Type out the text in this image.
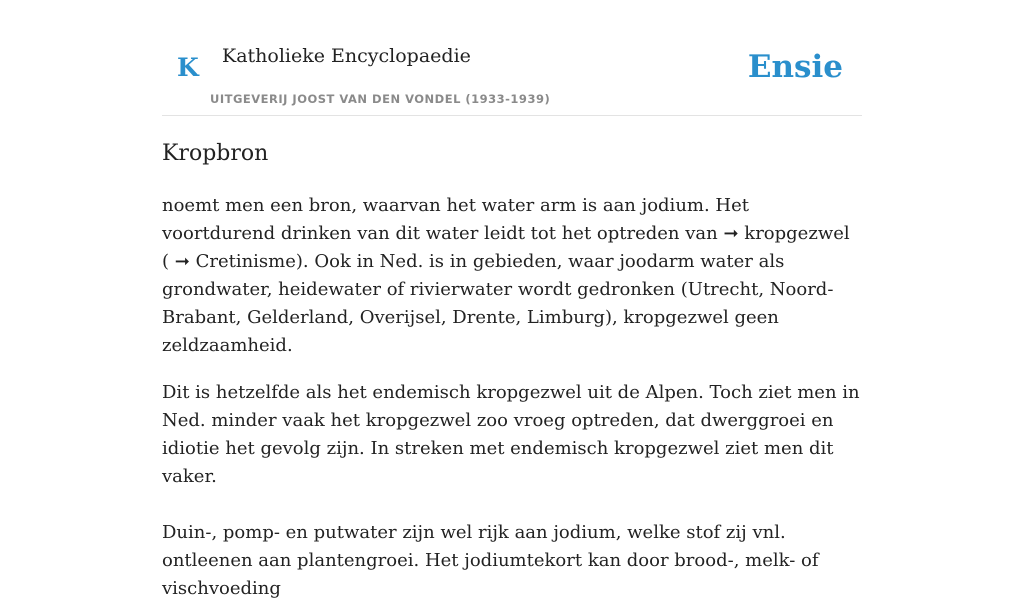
K Katholieke Encyclopaedie
UITGEVERIJ JOOST VAN DEN VONDEL (1933-1939)
Ensie
Kropbron

noemt men een bron, waarvan het water arm is aan jodium. Het voortdurend drinken van dit water leidt tot het optreden van ➞ kropgezwel ( ➞ Cretinisme). Ook in Ned. is in gebieden, waar joodarm water als grondwater, heidewater of rivierwater wordt gedronken (Utrecht, Noord-Brabant, Gelderland, Overijsel, Drente, Limburg), kropgezwel geen zeldzaamheid.

Dit is hetzelfde als het endemisch kropgezwel uit de Alpen. Toch ziet men in Ned. minder vaak het kropgezwel zoo vroeg optreden, dat dwerggroei en idiotie het gevolg zijn. In streken met endemisch kropgezwel ziet men dit vaker.

Duin-, pomp- en putwater zijn wel rijk aan jodium, welke stof zij vnl. ontleenen aan plantengroei. Het jodiumtekort kan door brood-, melk- of vischvoeding
